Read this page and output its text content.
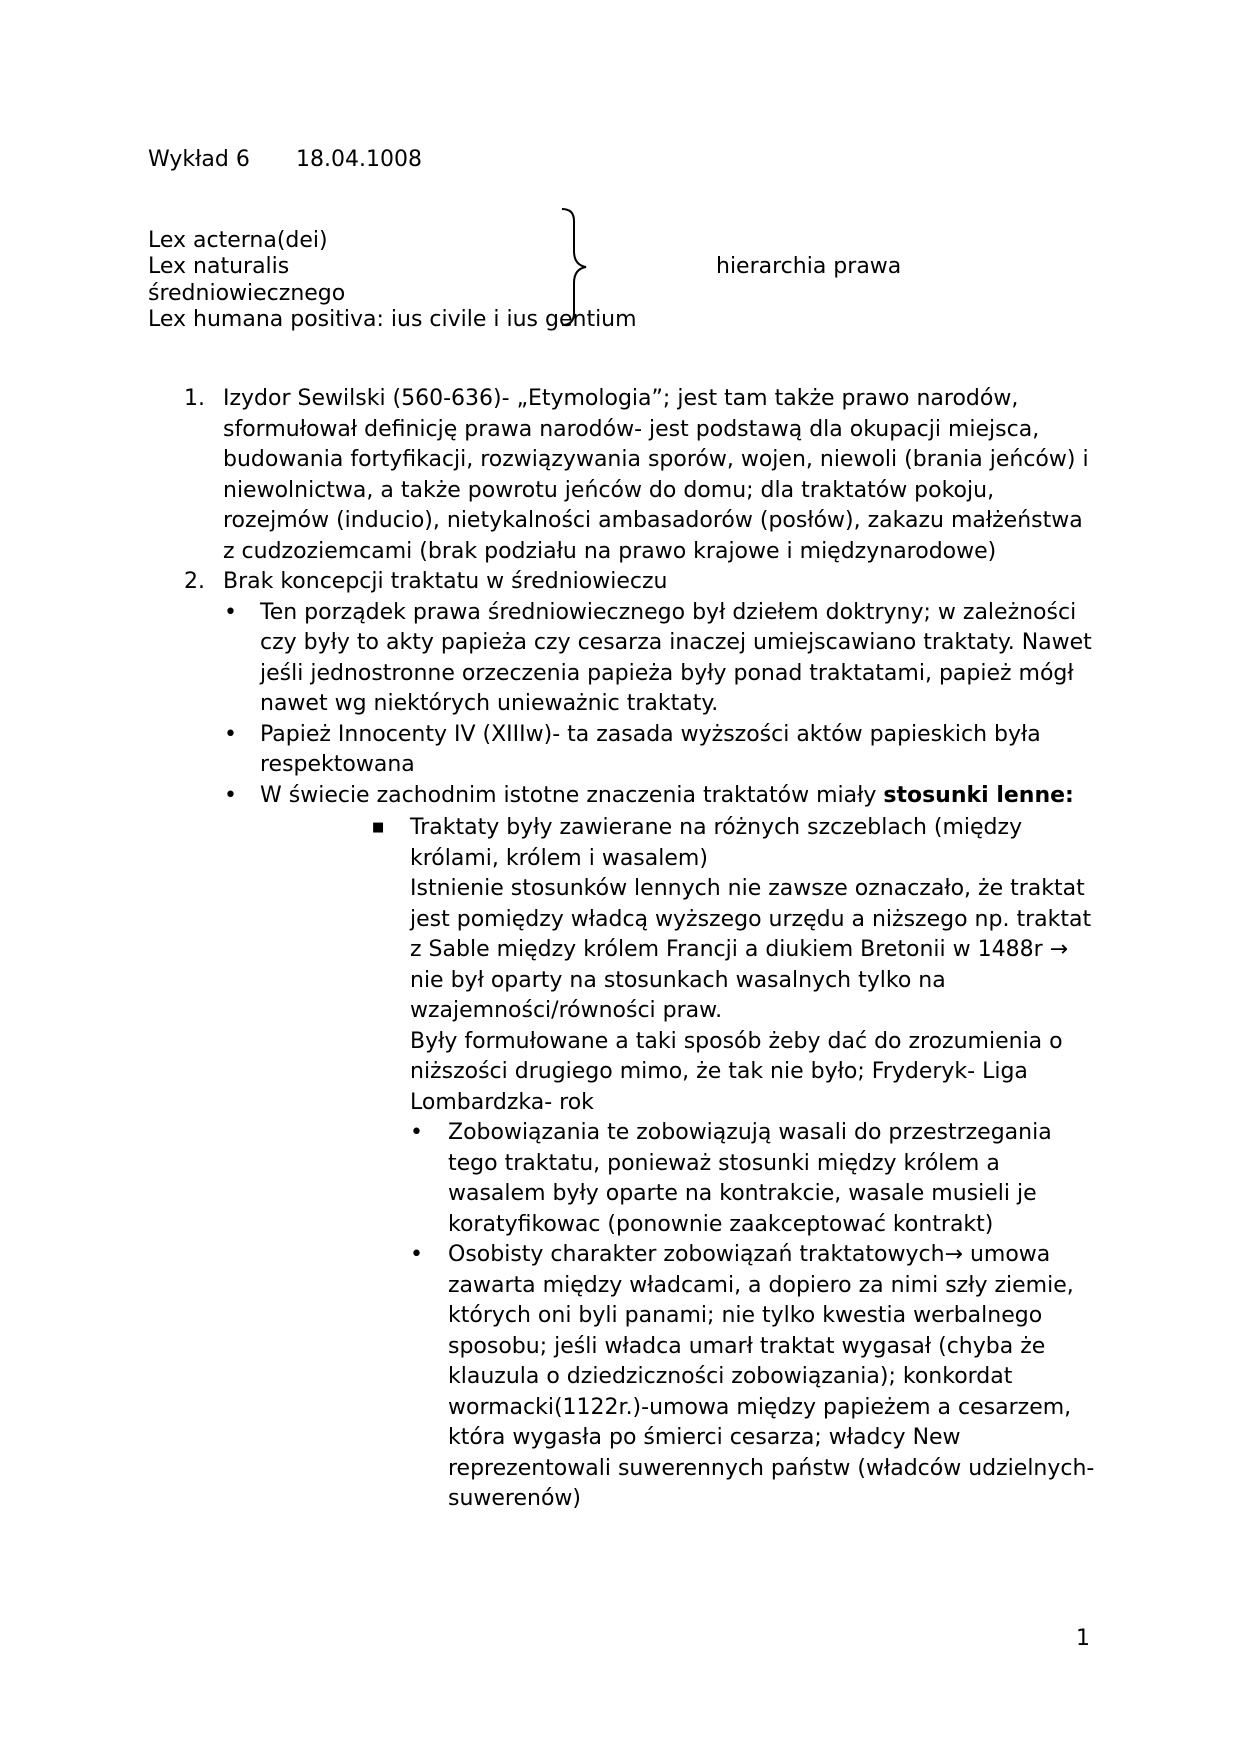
Wykład 6 18.04.1008
Lex acterna(dei)
Lex naturalis
średniowiecznego
Lex humana positiva: ius civile i ius gentium
hierarchia prawa
1. Izydor Sewilski (560-636)- „Etymologia”; jest tam także prawo narodów, sformułował definicję prawa narodów- jest podstawą dla okupacji miejsca, budowania fortyfikacji, rozwiązywania sporów, wojen, niewoli (brania jeńców) i niewolnictwa, a także powrotu jeńców do domu; dla traktatów pokoju, rozejmów (inducio), nietykalności ambasadorów (posłów), zakazu małżeństwa z cudzoziemcami (brak podziału na prawo krajowe i międzynarodowe)
2. Brak koncepcji traktatu w średniowieczu
• Ten porządek prawa średniowiecznego był dziełem doktryny; w zależności czy były to akty papieża czy cesarza inaczej umiejscawiano traktaty. Nawet jeśli jednostronne orzeczenia papieża były ponad traktatami, papież mógł nawet wg niektórych unieważnic traktaty.
• Papież Innocenty IV (XIIIw)- ta zasada wyższości aktów papieskich była respektowana
• W świecie zachodnim istotne znaczenia traktatów miały stosunki lenne:
■ Traktaty były zawierane na różnych szczeblach (między królami, królem i wasalem)
Istnienie stosunków lennych nie zawsze oznaczało, że traktat jest pomiędzy władcą wyższego urzędu a niższego np. traktat z Sable między królem Francji a diukiem Bretonii w 1488r → nie był oparty na stosunkach wasalnych tylko na wzajemności/równości praw.
Były formułowane a taki sposób żeby dać do zrozumienia o niższości drugiego mimo, że tak nie było; Fryderyk- Liga Lombardzka- rok
• Zobowiązania te zobowiązują wasali do przestrzegania tego traktatu, ponieważ stosunki między królem a wasalem były oparte na kontrakcie, wasale musieli je koratyfikowac (ponownie zaakceptować kontrakt)
• Osobisty charakter zobowiązań traktatowych→ umowa zawarta między władcami, a dopiero za nimi szły ziemie, których oni byli panami; nie tylko kwestia werbalnego sposobu; jeśli władca umarł traktat wygasał (chyba że klauzula o dziedziczności zobowiązania); konkordat wormacki(1122r.)-umowa między papieżem a cesarzem, która wygasła po śmierci cesarza; władcy New reprezentowali suwerennych państw (władców udzielnych- suwerenów)
1
